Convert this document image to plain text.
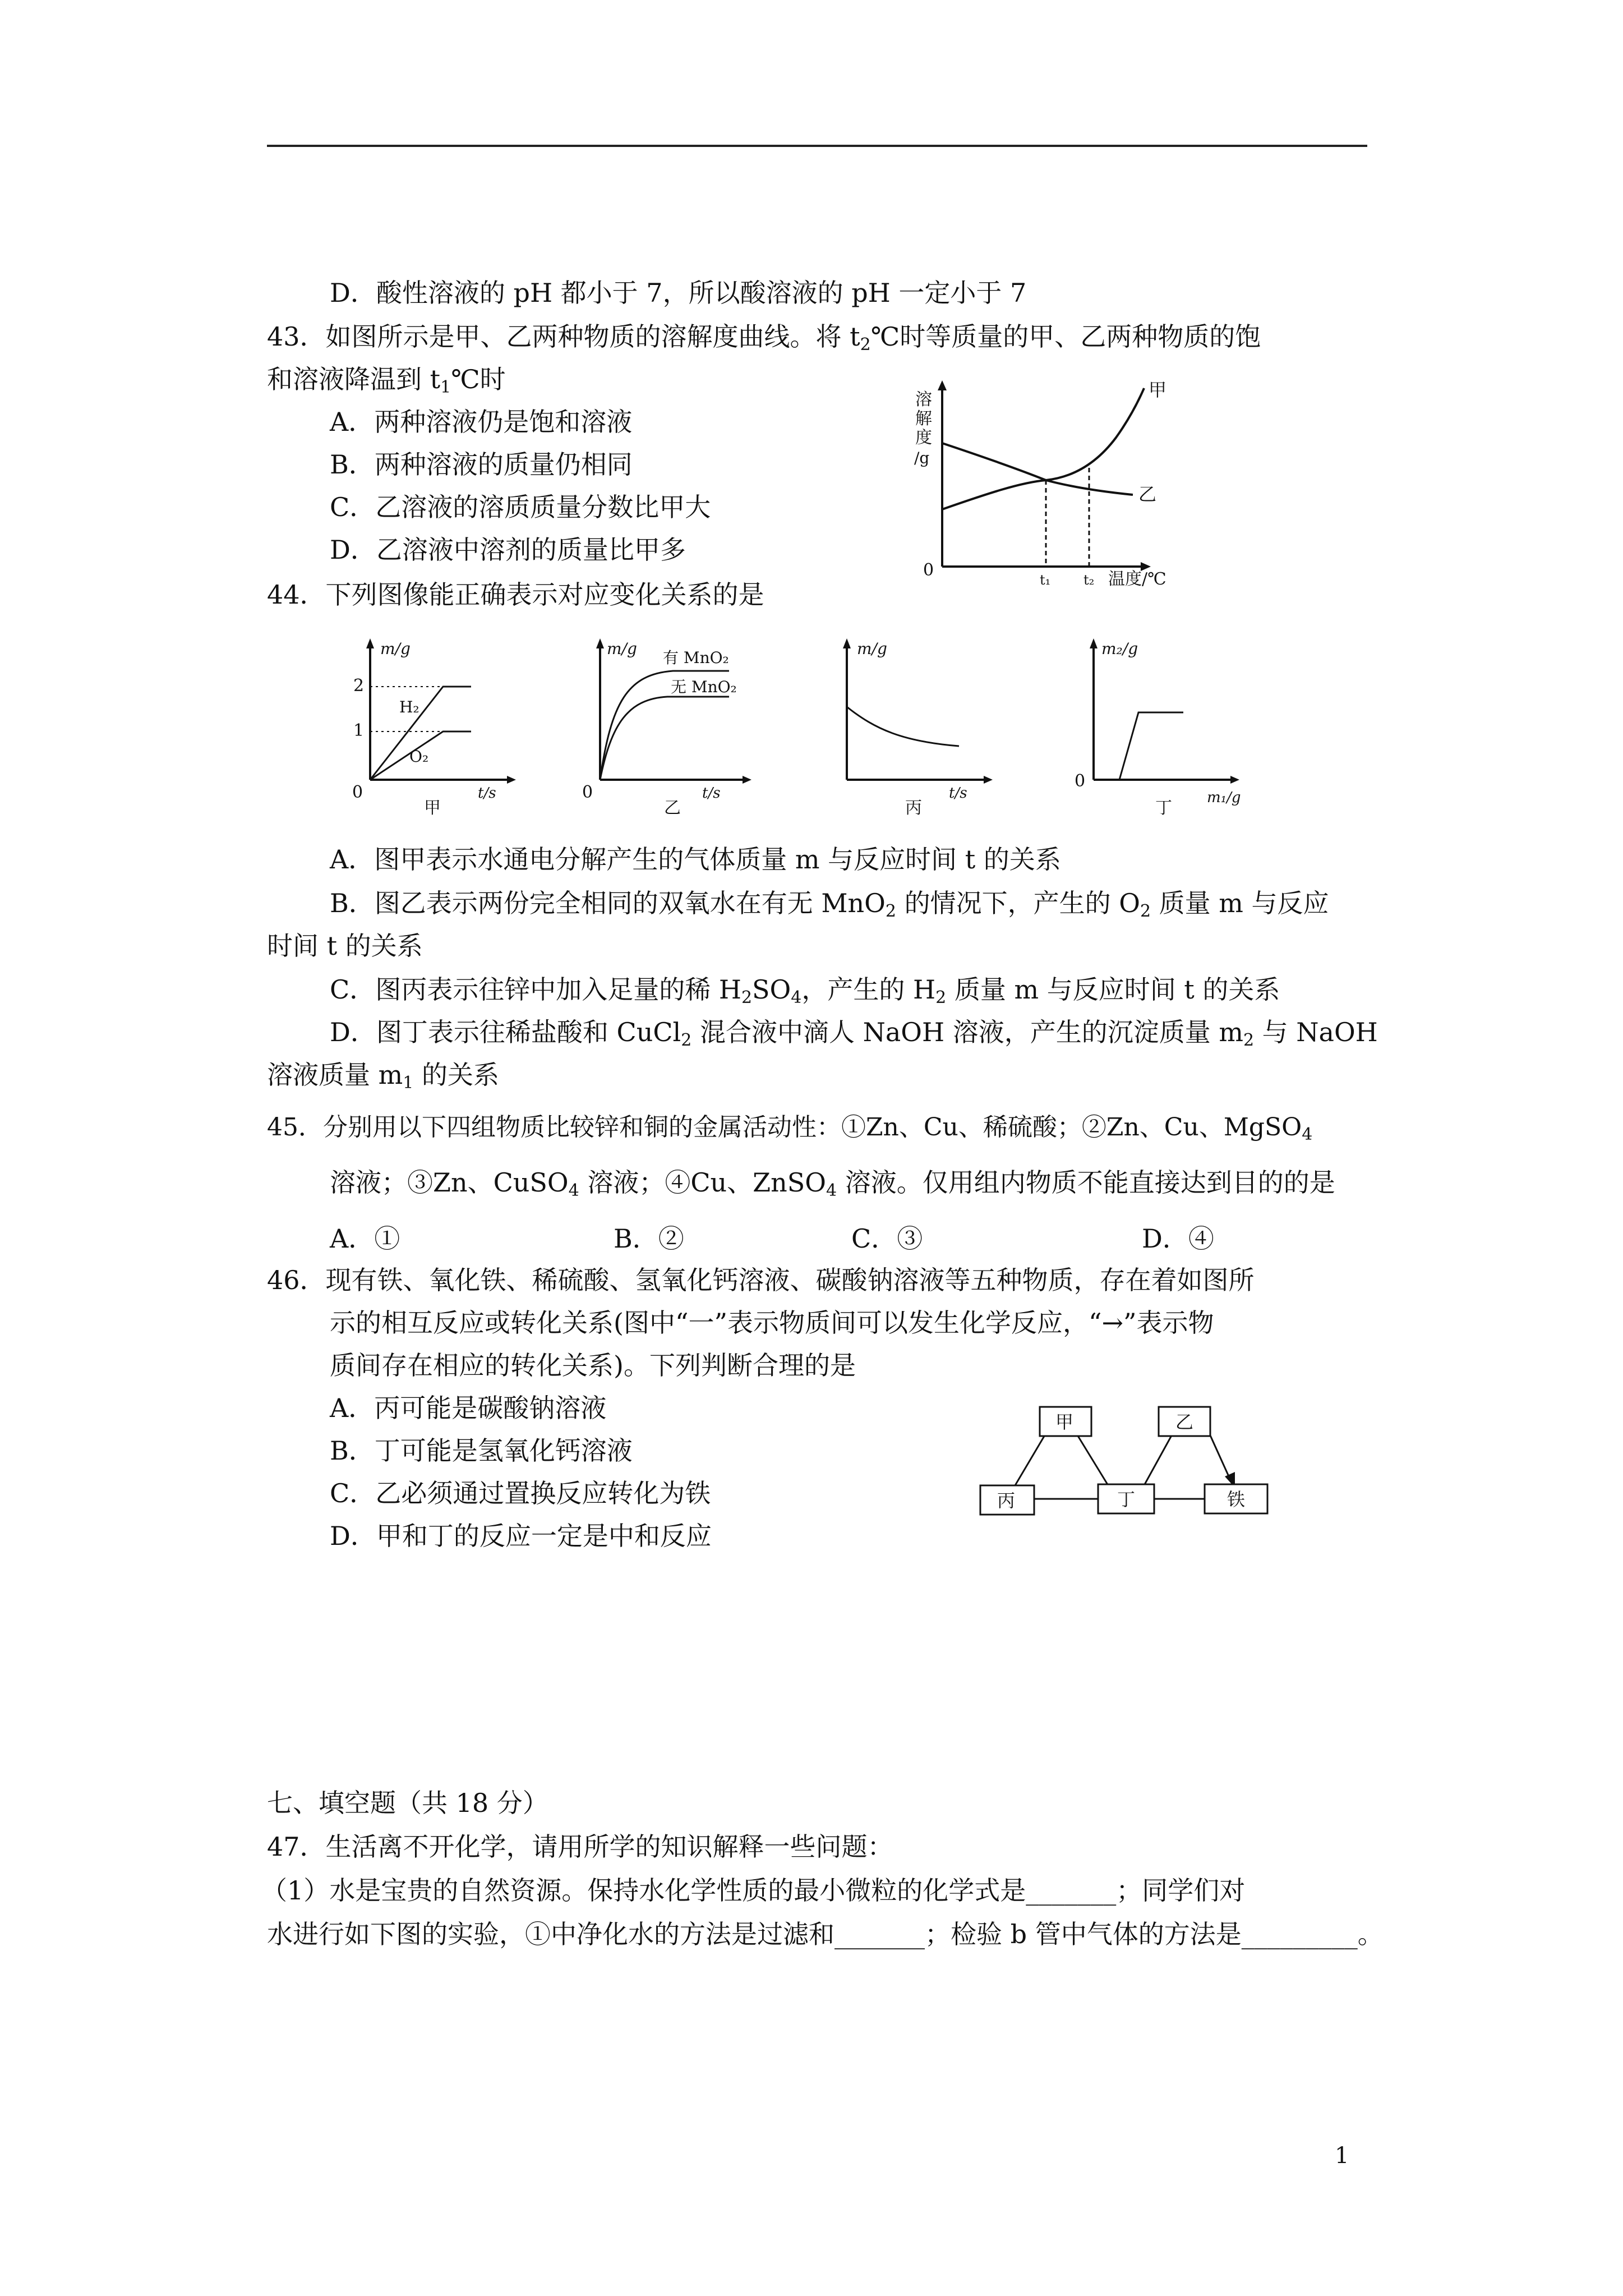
D．酸性溶液的 pH 都小于 7，所以酸溶液的 pH 一定小于 7
43．如图所示是甲、乙两种物质的溶解度曲线。将 $t_2℃$时等质量的甲、乙两种物质的饱
和溶液降温到 $t_1℃$时
A．两种溶液仍是饱和溶液
B．两种溶液的质量仍相同
C．乙溶液的溶质质量分数比甲大
D．乙溶液中溶剂的质量比甲多
溶
解
度
/g
0
甲
乙
t₁ t₂ 温度/℃
44．下列图像能正确表示对应变化关系的是
m/g
2
1
H₂
O₂
0	t/s
甲
m/g 有 MnO₂
无 MnO₂
0	t/s
乙
m/g
t/s
丙
m₂/g
0
m₁/g
丁
A．图甲表示水通电分解产生的气体质量 m 与反应时间 t 的关系
B．图乙表示两份完全相同的双氧水在有无 MnO$_2$ 的情况下，产生的 $O_2$ 质量 m 与反应
时间 t 的关系
C．图丙表示往锌中加入足量的稀 $H_2SO_4$，产生的 $H_2$ 质量 m 与反应时间 t 的关系
D．图丁表示往稀盐酸和 CuCl$_2$ 混合液中滴人 NaOH 溶液，产生的沉淀质量 $m_2$ 与 NaOH
溶液质量 $m_1$ 的关系
45．分别用以下四组物质比较锌和铜的金属活动性：①Zn、Cu、稀硫酸；②Zn、Cu、MgSO$_4$
溶液；③Zn、CuSO$_4$ 溶液；④Cu、ZnSO$_4$ 溶液。仅用组内物质不能直接达到目的的是
A．①	B．②	C．③	D．④
46．现有铁、氧化铁、稀硫酸、氢氧化钙溶液、碳酸钠溶液等五种物质，存在着如图所
示的相互反应或转化关系(图中“一”表示物质间可以发生化学反应，“→”表示物
质间存在相应的转化关系)。下列判断合理的是
A．丙可能是碳酸钠溶液
B．丁可能是氢氧化钙溶液
C．乙必须通过置换反应转化为铁
D．甲和丁的反应一定是中和反应
甲	乙
丙	丁	铁
七、填空题（共 18 分）
47．生活离不开化学，请用所学的知识解释一些问题：
（1）水是宝贵的自然资源。保持水化学性质的最小微粒的化学式是_______；同学们对
水进行如下图的实验，①中净化水的方法是过滤和_______；检验 b 管中气体的方法是_________。
1
